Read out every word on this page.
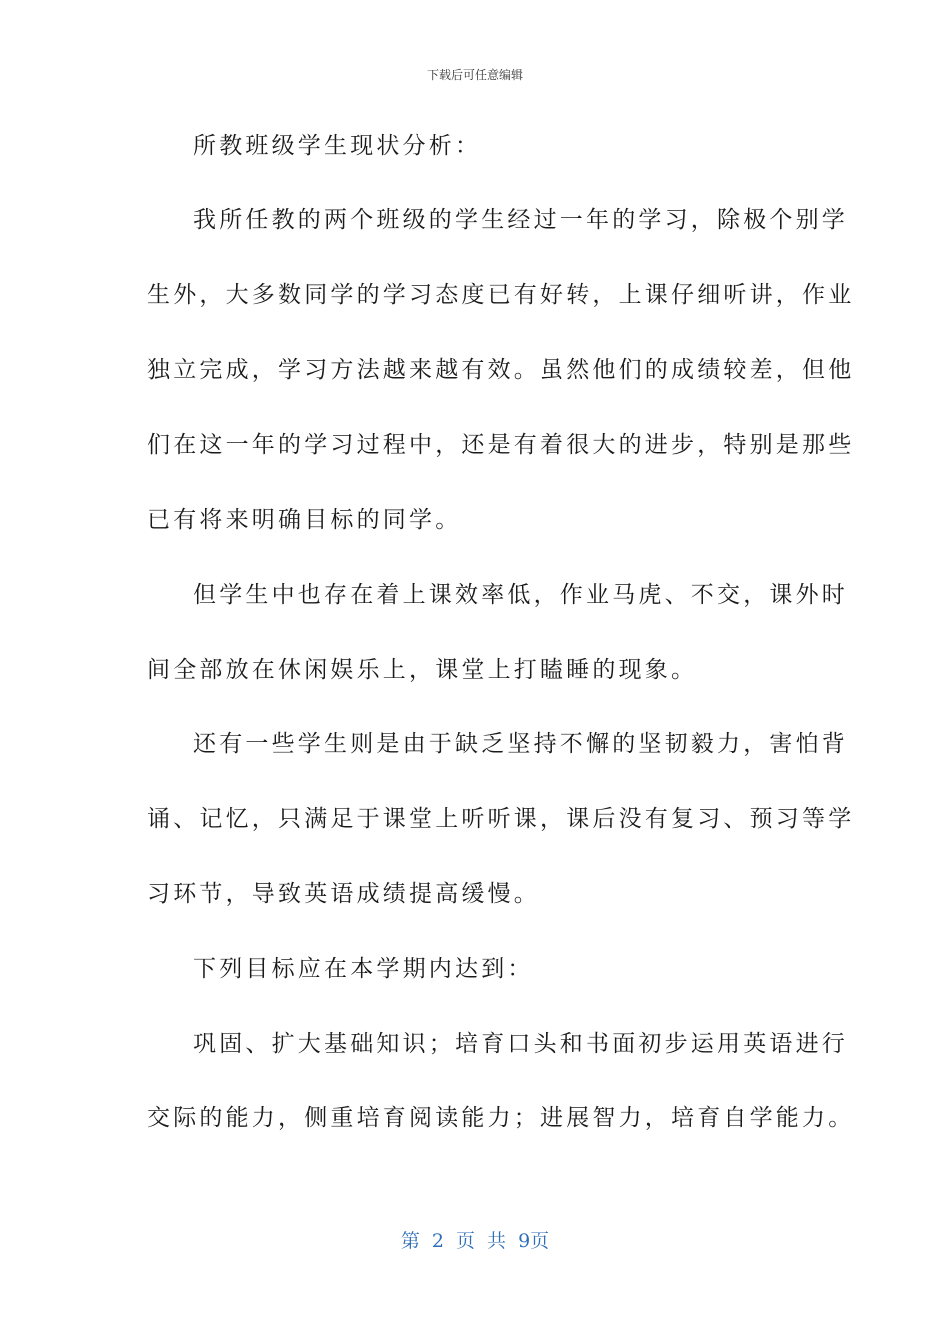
下载后可任意编辑
所教班级学生现状分析：
我所任教的两个班级的学生经过一年的学习，除极个别学
生外，大多数同学的学习态度已有好转，上课仔细听讲，作业
独立完成，学习方法越来越有效。虽然他们的成绩较差，但他
们在这一年的学习过程中，还是有着很大的进步，特别是那些
已有将来明确目标的同学。
但学生中也存在着上课效率低，作业马虎、不交，课外时
间全部放在休闲娱乐上，课堂上打瞌睡的现象。
还有一些学生则是由于缺乏坚持不懈的坚韧毅力，害怕背
诵、记忆，只满足于课堂上听听课，课后没有复习、预习等学
习环节，导致英语成绩提高缓慢。
下列目标应在本学期内达到：
巩固、扩大基础知识；培育口头和书面初步运用英语进行
交际的能力，侧重培育阅读能力；进展智力，培育自学能力。
第 2 页 共 9页
